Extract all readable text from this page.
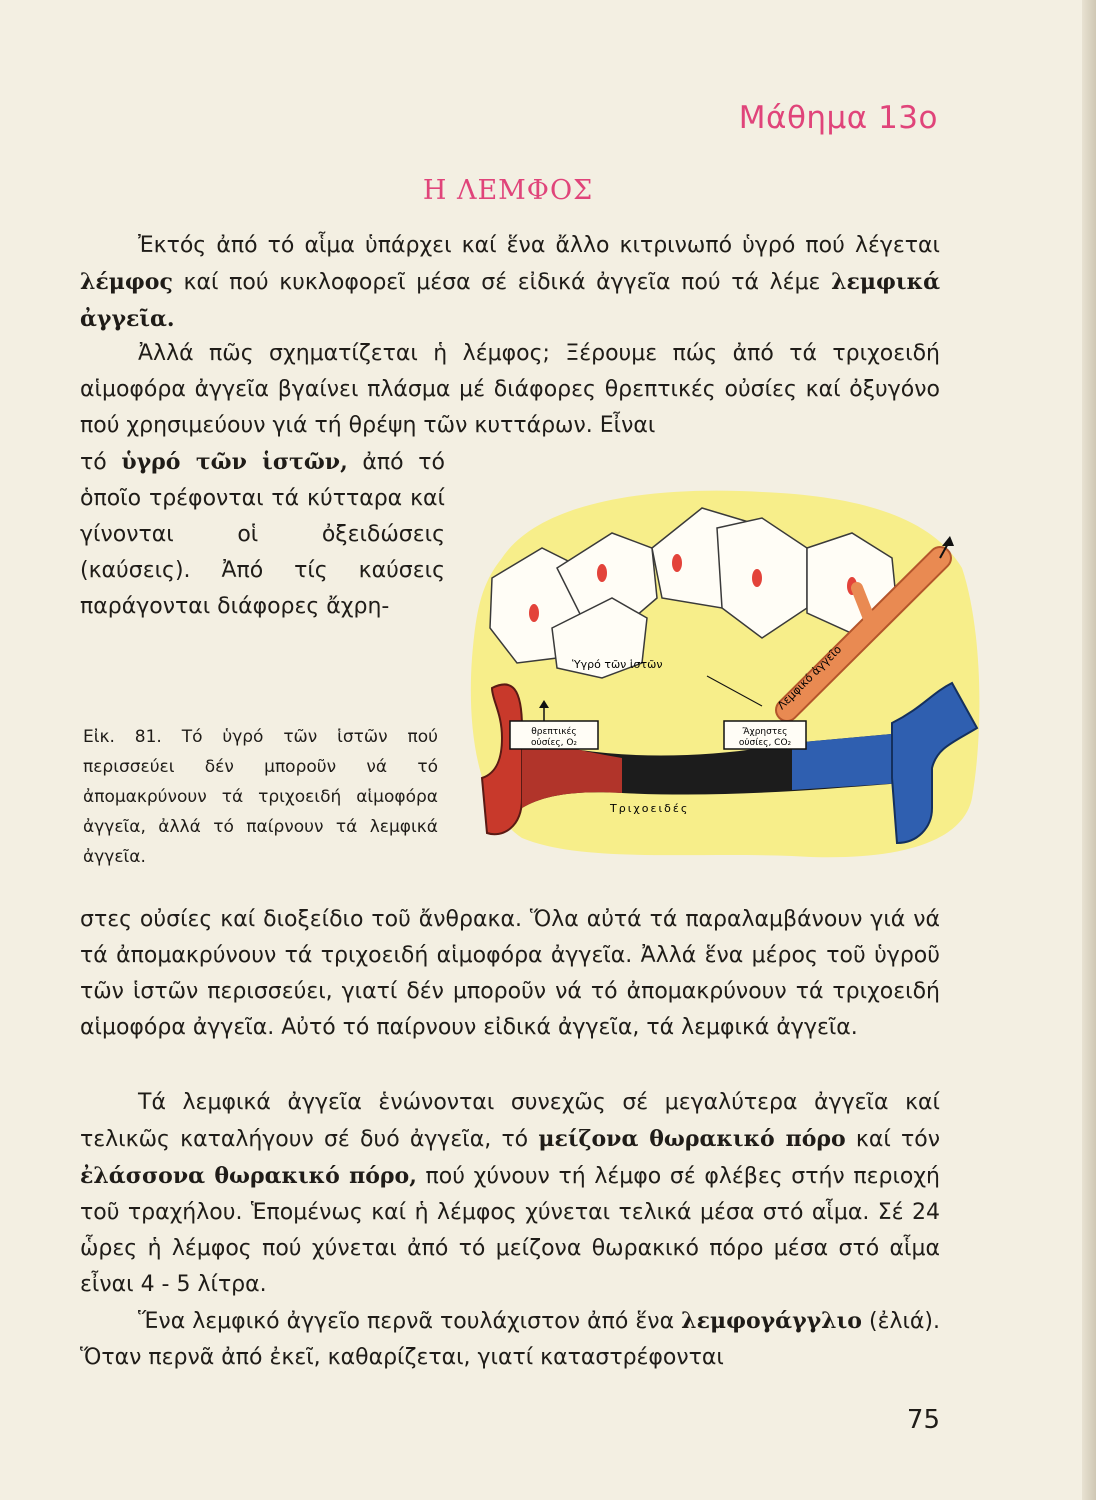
Μάθημα 13ο
Η ΛΕΜΦΟΣ

Ἐκτός ἀπό τό αἷμα ὑπάρχει καί ἕνα ἄλλο κιτρινωπό ὑγρό πού λέγεται λέμφος καί πού κυκλοφορεῖ μέσα σέ εἰδικά ἀγγεῖα πού τά λέμε λεμφικά ἀγγεῖα.

Ἀλλά πῶς σχηματίζεται ἡ λέμφος; Ξέρουμε πώς ἀπό τά τριχοειδή αἱμοφόρα ἀγγεῖα βγαίνει πλάσμα μέ διάφορες θρεπτικές οὐσίες καί ὀξυγόνο πού χρησιμεύουν γιά τή θρέψη τῶν κυττάρων. Εἶναι

τό ὑγρό τῶν ἱστῶν, ἀπό τό ὁποῖο τρέφονται τά κύτταρα καί γίνονται οἱ ὀξειδώσεις (καύσεις). Ἀπό τίς καύσεις παράγονται διάφορες ἄχρη-

Εἰκ. 81. Τό ὑγρό τῶν ἱστῶν πού περισσεύει δέν μποροῦν νά τό ἀπομακρύνουν τά τριχοειδή αἱμοφόρα ἀγγεῖα, ἀλλά τό παίρνουν τά λεμφικά ἀγγεῖα.

θρεπτικές
οὐσίες, O₂
Ἄχρηστες
οὐσίες, CO₂
Ὑγρό τῶν ἱστῶν
Τριχοειδές
Λεμφικό ἀγγεῖο

στες οὐσίες καί διοξείδιο τοῦ ἄνθρακα. Ὅλα αὐτά τά παραλαμβάνουν γιά νά τά ἀπομακρύνουν τά τριχοειδή αἱμοφόρα ἀγγεῖα. Ἀλλά ἕνα μέρος τοῦ ὑγροῦ τῶν ἱστῶν περισσεύει, γιατί δέν μποροῦν νά τό ἀπομακρύνουν τά τριχοειδή αἱμοφόρα ἀγγεῖα. Αὐτό τό παίρνουν εἰδικά ἀγγεῖα, τά λεμφικά ἀγγεῖα.

Τά λεμφικά ἀγγεῖα ἑνώνονται συνεχῶς σέ μεγαλύτερα ἀγγεῖα καί τελικῶς καταλήγουν σέ δυό ἀγγεῖα, τό μείζονα θωρακικό πόρο καί τόν ἐλάσσονα θωρακικό πόρο, πού χύνουν τή λέμφο σέ φλέβες στήν περιοχή τοῦ τραχήλου. Ἑπομένως καί ἡ λέμφος χύνεται τελικά μέσα στό αἷμα. Σέ 24 ὧρες ἡ λέμφος πού χύνεται ἀπό τό μείζονα θωρακικό πόρο μέσα στό αἷμα εἶναι 4 - 5 λίτρα.

Ἕνα λεμφικό ἀγγεῖο περνᾶ τουλάχιστον ἀπό ἕνα λεμφογάγγλιο (ἐλιά). Ὅταν περνᾶ ἀπό ἐκεῖ, καθαρίζεται, γιατί καταστρέφονται

75
